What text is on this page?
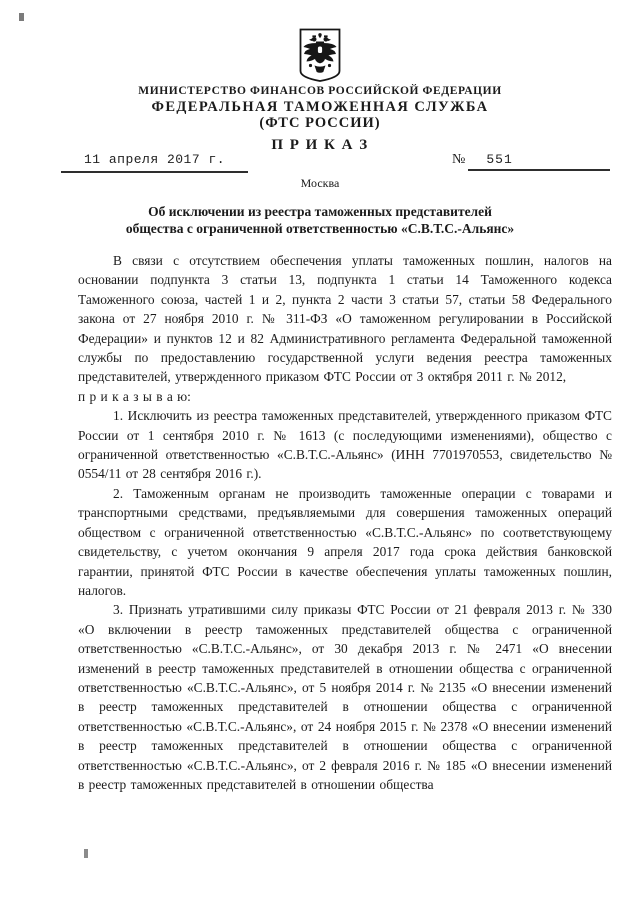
МИНИСТЕРСТВО ФИНАНСОВ РОССИЙСКОЙ ФЕДЕРАЦИИ
ФЕДЕРАЛЬНАЯ ТАМОЖЕННАЯ СЛУЖБА
(ФТС РОССИИ)
П Р И К А З
11 апреля 2017 г.	№	551
Москва
Об исключении из реестра таможенных представителей
общества с ограниченной ответственностью «С.В.Т.С.-Альянс»

В связи с отсутствием обеспечения уплаты таможенных пошлин, налогов на основании подпункта 3 статьи 13, подпункта 1 статьи 14 Таможенного кодекса Таможенного союза, частей 1 и 2, пункта 2 части 3 статьи 57, статьи 58 Федерального закона от 27 ноября 2010 г. № 311-ФЗ «О таможенном регулировании в Российской Федерации» и пунктов 12 и 82 Административного регламента Федеральной таможенной службы по предоставлению государственной услуги ведения реестра таможенных представителей, утвержденного приказом ФТС России от 3 октября 2011 г. № 2012,

п р и к а з ы в а ю:

1. Исключить из реестра таможенных представителей, утвержденного приказом ФТС России от 1 сентября 2010 г. № 1613 (с последующими изменениями), общество с ограниченной ответственностью «С.В.Т.С.-Альянс» (ИНН 7701970553, свидетельство № 0554/11 от 28 сентября 2016 г.).

2. Таможенным органам не производить таможенные операции с товарами и транспортными средствами, предъявляемыми для совершения таможенных операций обществом с ограниченной ответственностью «С.В.Т.С.-Альянс» по соответствующему свидетельству, с учетом окончания 9 апреля 2017 года срока действия банковской гарантии, принятой ФТС России в качестве обеспечения уплаты таможенных пошлин, налогов.

3. Признать утратившими силу приказы ФТС России от 21 февраля 2013 г. № 330 «О включении в реестр таможенных представителей общества с ограниченной ответственностью «С.В.Т.С.-Альянс», от 30 декабря 2013 г. № 2471 «О внесении изменений в реестр таможенных представителей в отношении общества с ограниченной ответственностью «С.В.Т.С.-Альянс», от 5 ноября 2014 г. № 2135 «О внесении изменений в реестр таможенных представителей в отношении общества с ограниченной ответственностью «С.В.Т.С.-Альянс», от 24 ноября 2015 г. № 2378 «О внесении изменений в реестр таможенных представителей в отношении общества с ограниченной ответственностью «С.В.Т.С.-Альянс», от 2 февраля 2016 г. № 185 «О внесении изменений в реестр таможенных представителей в отношении общества
